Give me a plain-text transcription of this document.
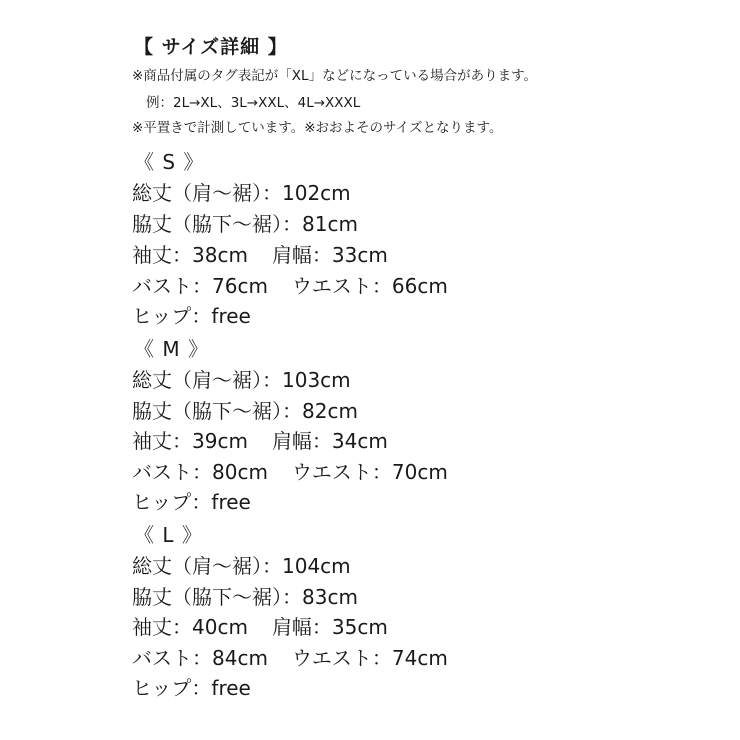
【 サイズ詳細 】
※商品付属のタグ表記が「XL」などになっている場合があります。
例：2L→XL、3L→XXL、4L→XXXL
※平置きで計測しています。※おおよそのサイズとなります。
《 S 》
総丈（肩～裾）：102cm
脇丈（脇下～裾）：81cm
袖丈：38cm 肩幅：33cm
バスト：76cm ウエスト：66cm
ヒップ：free
《 M 》
総丈（肩～裾）：103cm
脇丈（脇下～裾）：82cm
袖丈：39cm 肩幅：34cm
バスト：80cm ウエスト：70cm
ヒップ：free
《 L 》
総丈（肩～裾）：104cm
脇丈（脇下～裾）：83cm
袖丈：40cm 肩幅：35cm
バスト：84cm ウエスト：74cm
ヒップ：free
